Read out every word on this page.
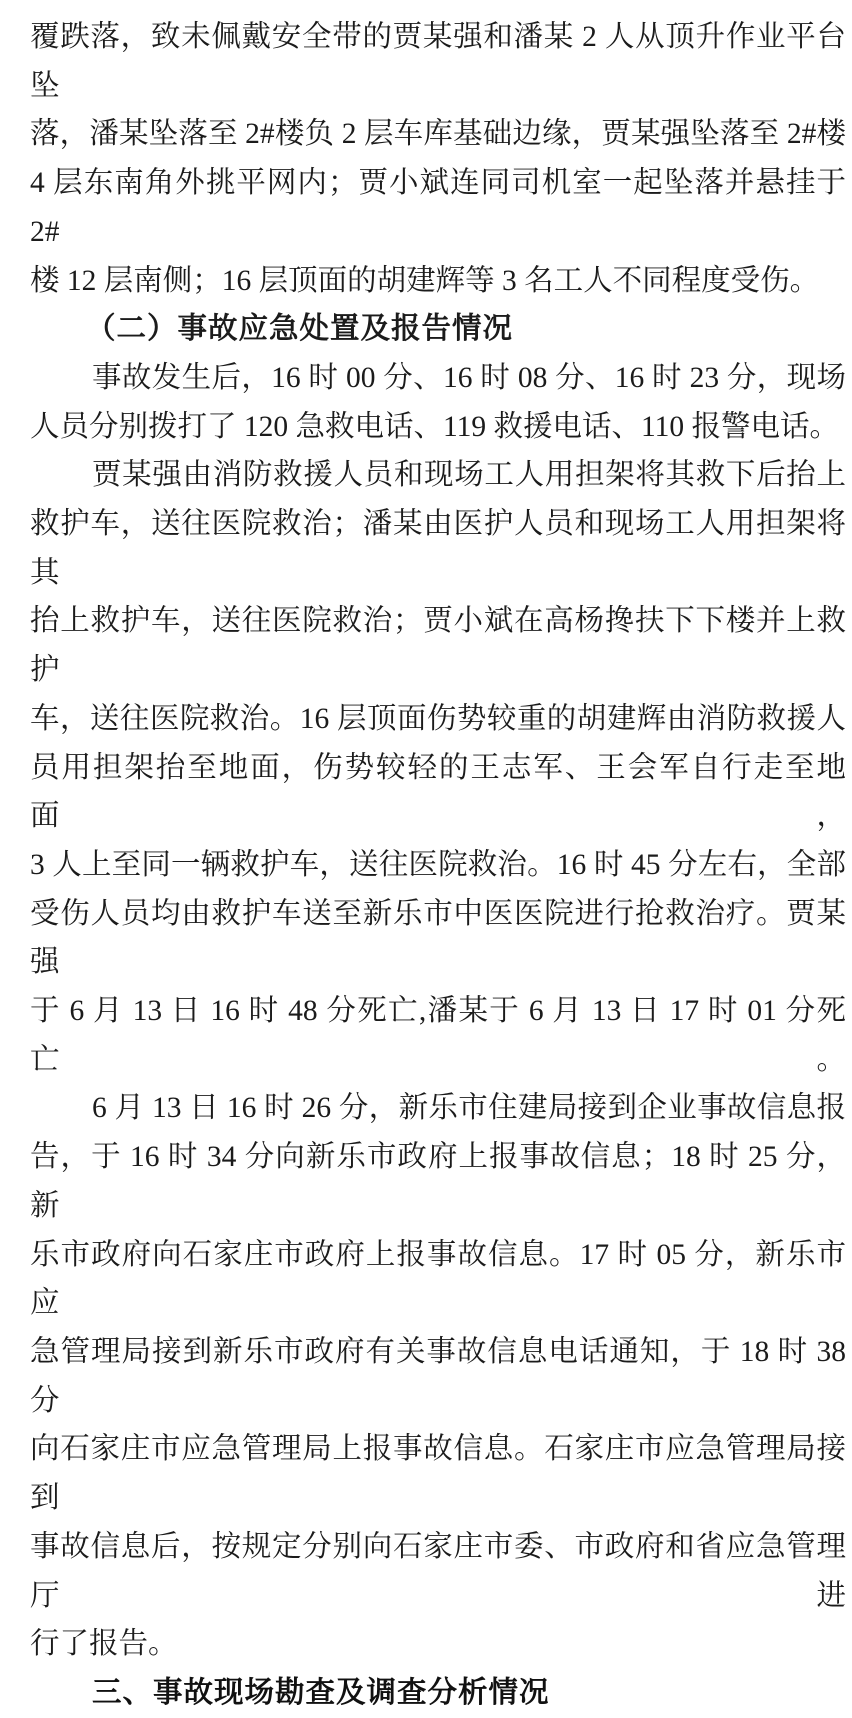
覆跌落，致未佩戴安全带的贾某强和潘某 2 人从顶升作业平台坠
落，潘某坠落至 2#楼负 2 层车库基础边缘，贾某强坠落至 2#楼
4 层东南角外挑平网内；贾小斌连同司机室一起坠落并悬挂于 2#
楼 12 层南侧；16 层顶面的胡建辉等 3 名工人不同程度受伤。
（二）事故应急处置及报告情况
事故发生后，16 时 00 分、16 时 08 分、16 时 23 分，现场
人员分别拨打了 120 急救电话、119 救援电话、110 报警电话。
贾某强由消防救援人员和现场工人用担架将其救下后抬上
救护车，送往医院救治；潘某由医护人员和现场工人用担架将其
抬上救护车，送往医院救治；贾小斌在高杨搀扶下下楼并上救护
车，送往医院救治。16 层顶面伤势较重的胡建辉由消防救援人
员用担架抬至地面，伤势较轻的王志军、王会军自行走至地面，
3 人上至同一辆救护车，送往医院救治。16 时 45 分左右，全部
受伤人员均由救护车送至新乐市中医医院进行抢救治疗。贾某强
于 6 月 13 日 16 时 48 分死亡,潘某于 6 月 13 日 17 时 01 分死亡。
6 月 13 日 16 时 26 分，新乐市住建局接到企业事故信息报
告，于 16 时 34 分向新乐市政府上报事故信息；18 时 25 分，新
乐市政府向石家庄市政府上报事故信息。17 时 05 分，新乐市应
急管理局接到新乐市政府有关事故信息电话通知，于 18 时 38 分
向石家庄市应急管理局上报事故信息。石家庄市应急管理局接到
事故信息后，按规定分别向石家庄市委、市政府和省应急管理厅进
行了报告。
三、事故现场勘查及调查分析情况
